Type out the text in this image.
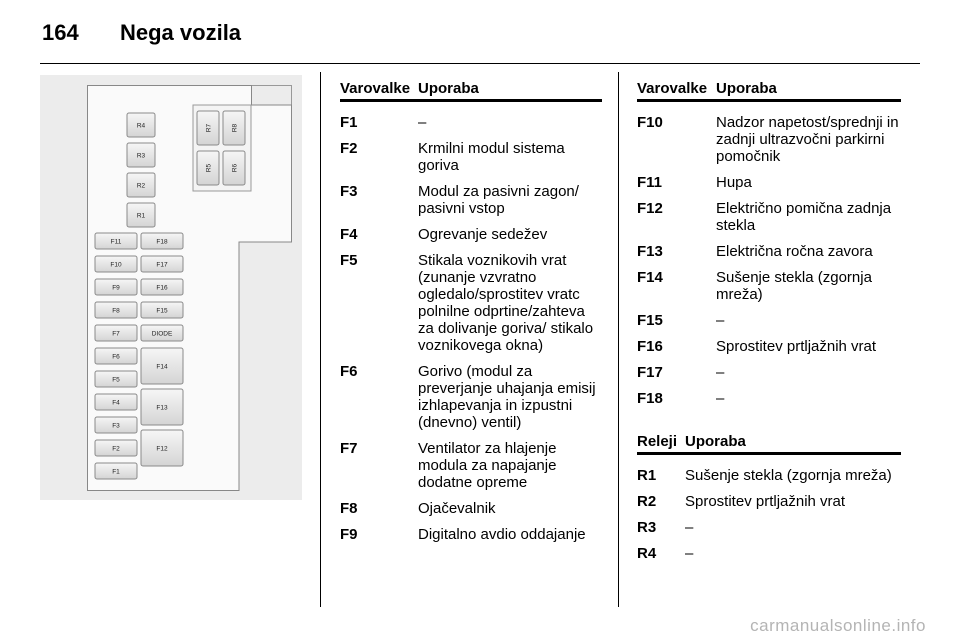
164 Nega vozila
R4
R3
R2
R1
R7	R8
R5	R6
F11
F10
F9
F8
F7
F6
F5
F4
F3
F2
F1
F18
F17
F16
F15
DIODE
F14
F13
F12
Varovalke Uporaba
F1	–
F2	Krmilni modul sistema goriva
F3	Modul za pasivni zagon/ pasivni vstop
F4	Ogrevanje sedežev
F5	Stikala voznikovih vrat (zunanje vzvratno ogledalo/sprostitev vratc polnilne odprtine/zahteva za dolivanje goriva/ stikalo voznikovega okna)
F6	Gorivo (modul za preverjanje uhajanja emisij izhlapevanja in izpustni (dnevno) ventil)
F7	Ventilator za hlajenje modula za napajanje dodatne opreme
F8	Ojačevalnik
F9	Digitalno avdio oddajanje
Varovalke Uporaba
F10	Nadzor napetost/sprednji in zadnji ultrazvočni parkirni pomočnik
F11	Hupa
F12	Električno pomična zadnja stekla
F13	Električna ročna zavora
F14	Sušenje stekla (zgornja mreža)
F15	–
F16	Sprostitev prtljažnih vrat
F17	–
F18	–
Releji Uporaba
R1	Sušenje stekla (zgornja mreža)
R2	Sprostitev prtljažnih vrat
R3	–
R4	–
carmanualsonline.info
